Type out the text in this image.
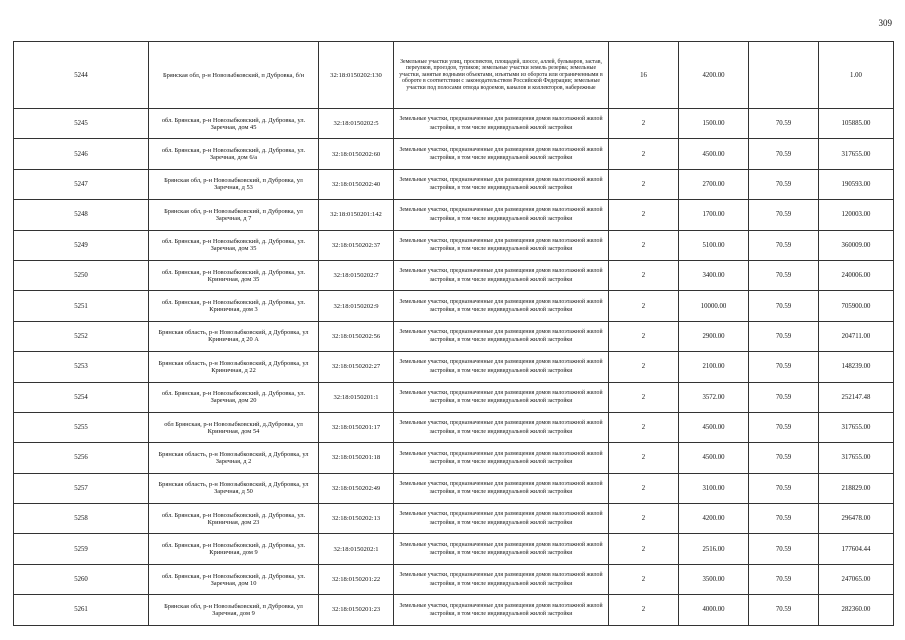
309
5244	Брянская обл, р-н Новозыбковский, п Дубровка, б/н	32:18:0150202:130	Земельные участки улиц, проспектов, площадей, шоссе, аллей, бульваров, застав, переулков, проездов, тупиков; земельные участки земель резерва; земельные участки, занятые водными объектами, изъятыми из оборота или ограниченными в обороте в соответствии с законодательством Российской Федерации; земельные участки под полосами отвода водоемов, каналов и коллекторов, набережные	16	4200.00		1.00
5245	обл. Брянская, р-н Новозыбковский, д. Дубровка, ул. Заречная, дом 45	32:18:0150202:5	Земельные участки, предназначенные для размещения домов малоэтажной жилой застройки, в том числе индивидуальной жилой застройки	2	1500.00	70.59	105885.00
5246	обл. Брянская, р-н Новозыбковский, д. Дубровка, ул. Заречная, дом 6/а	32:18:0150202:60	Земельные участки, предназначенные для размещения домов малоэтажной жилой застройки, в том числе индивидуальной жилой застройки	2	4500.00	70.59	317655.00
5247	Брянская обл, р-н Новозыбковский, п Дубровка, ул Заречная, д 53	32:18:0150202:40	Земельные участки, предназначенные для размещения домов малоэтажной жилой застройки, в том числе индивидуальной жилой застройки	2	2700.00	70.59	190593.00
5248	Брянская обл, р-н Новозыбковский, п Дубровка, ул Заречная, д 7	32:18:0150201:142	Земельные участки, предназначенные для размещения домов малоэтажной жилой застройки, в том числе индивидуальной жилой застройки	2	1700.00	70.59	120003.00
5249	обл. Брянская, р-н Новозыбковский, д. Дубровка, ул. Заречная, дом 35	32:18:0150202:37	Земельные участки, предназначенные для размещения домов малоэтажной жилой застройки, в том числе индивидуальной жилой застройки	2	5100.00	70.59	360009.00
5250	обл. Брянская, р-н Новозыбковский, д. Дубровка, ул. Криничная, дом 35	32:18:0150202:7	Земельные участки, предназначенные для размещения домов малоэтажной жилой застройки, в том числе индивидуальной жилой застройки	2	3400.00	70.59	240006.00
5251	обл. Брянская, р-н Новозыбковский, д. Дубровка, ул. Криничная, дом 3	32:18:0150202:9	Земельные участки, предназначенные для размещения домов малоэтажной жилой застройки, в том числе индивидуальной жилой застройки	2	10000.00	70.59	705900.00
5252	Брянская область, р-н Новозыбковский, д Дубровка, ул Криничная, д 20 А	32:18:0150202:56	Земельные участки, предназначенные для размещения домов малоэтажной жилой застройки, в том числе индивидуальной жилой застройки	2	2900.00	70.59	204711.00
5253	Брянская область, р-н Новозыбковский, д Дубровка, ул Криничная, д 22	32:18:0150202:27	Земельные участки, предназначенные для размещения домов малоэтажной жилой застройки, в том числе индивидуальной жилой застройки	2	2100.00	70.59	148239.00
5254	обл. Брянская, р-н Новозыбковский, д. Дубровка, ул. Заречная, дом 20	32:18:0150201:1	Земельные участки, предназначенные для размещения домов малоэтажной жилой застройки, в том числе индивидуальной жилой застройки	2	3572.00	70.59	252147.48
5255	обл Брянская, р-н Новозыбковский, д.Дубровка, ул Криничная, дом 54	32:18:0150201:17	Земельные участки, предназначенные для размещения домов малоэтажной жилой застройки, в том числе индивидуальной жилой застройки	2	4500.00	70.59	317655.00
5256	Брянская область, р-н Новозыбковский, д Дубровка, ул Заречная, д 2	32:18:0150201:18	Земельные участки, предназначенные для размещения домов малоэтажной жилой застройки, в том числе индивидуальной жилой застройки	2	4500.00	70.59	317655.00
5257	Брянская область, р-н Новозыбковский, д Дубровка, ул Заречная, д 50	32:18:0150202:49	Земельные участки, предназначенные для размещения домов малоэтажной жилой застройки, в том числе индивидуальной жилой застройки	2	3100.00	70.59	218829.00
5258	обл. Брянская, р-н Новозыбковский, д. Дубровка, ул. Криничная, дом 23	32:18:0150202:13	Земельные участки, предназначенные для размещения домов малоэтажной жилой застройки, в том числе индивидуальной жилой застройки	2	4200.00	70.59	296478.00
5259	обл. Брянская, р-н Новозыбковский, д. Дубровка, ул. Криничная, дом 9	32:18:0150202:1	Земельные участки, предназначенные для размещения домов малоэтажной жилой застройки, в том числе индивидуальной жилой застройки	2	2516.00	70.59	177604.44
5260	обл. Брянская, р-н Новозыбковский, д. Дубровка, ул. Заречная, дом 10	32:18:0150201:22	Земельные участки, предназначенные для размещения домов малоэтажной жилой застройки, в том числе индивидуальной жилой застройки	2	3500.00	70.59	247065.00
5261	Брянская обл, р-н Новозыбковский, п Дубровка, ул Заречная, дом 9	32:18:0150201:23	Земельные участки, предназначенные для размещения домов малоэтажной жилой застройки, в том числе индивидуальной жилой застройки	2	4000.00	70.59	282360.00
